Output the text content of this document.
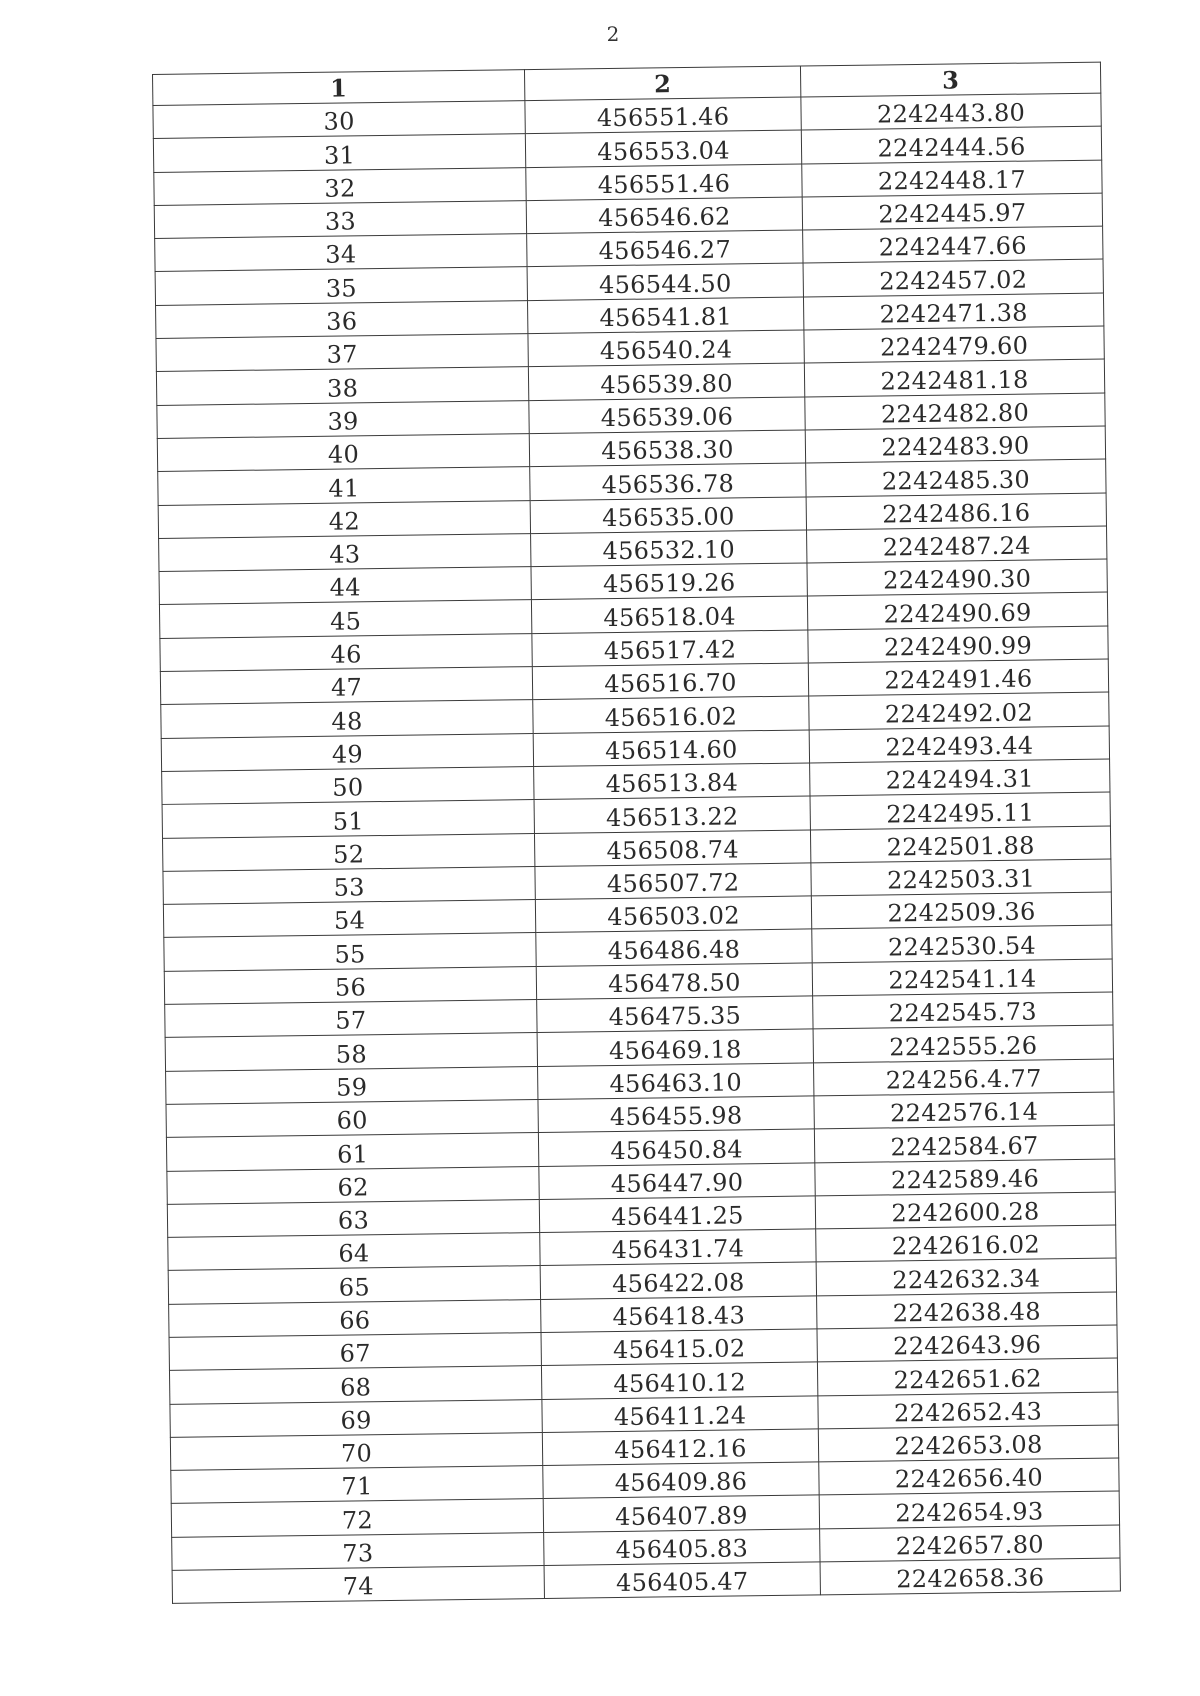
2
1	2	3
30	456551.46	2242443.80
31	456553.04	2242444.56
32	456551.46	2242448.17
33	456546.62	2242445.97
34	456546.27	2242447.66
35	456544.50	2242457.02
36	456541.81	2242471.38
37	456540.24	2242479.60
38	456539.80	2242481.18
39	456539.06	2242482.80
40	456538.30	2242483.90
41	456536.78	2242485.30
42	456535.00	2242486.16
43	456532.10	2242487.24
44	456519.26	2242490.30
45	456518.04	2242490.69
46	456517.42	2242490.99
47	456516.70	2242491.46
48	456516.02	2242492.02
49	456514.60	2242493.44
50	456513.84	2242494.31
51	456513.22	2242495.11
52	456508.74	2242501.88
53	456507.72	2242503.31
54	456503.02	2242509.36
55	456486.48	2242530.54
56	456478.50	2242541.14
57	456475.35	2242545.73
58	456469.18	2242555.26
59	456463.10	224256.4.77
60	456455.98	2242576.14
61	456450.84	2242584.67
62	456447.90	2242589.46
63	456441.25	2242600.28
64	456431.74	2242616.02
65	456422.08	2242632.34
66	456418.43	2242638.48
67	456415.02	2242643.96
68	456410.12	2242651.62
69	456411.24	2242652.43
70	456412.16	2242653.08
71	456409.86	2242656.40
72	456407.89	2242654.93
73	456405.83	2242657.80
74	456405.47	2242658.36
